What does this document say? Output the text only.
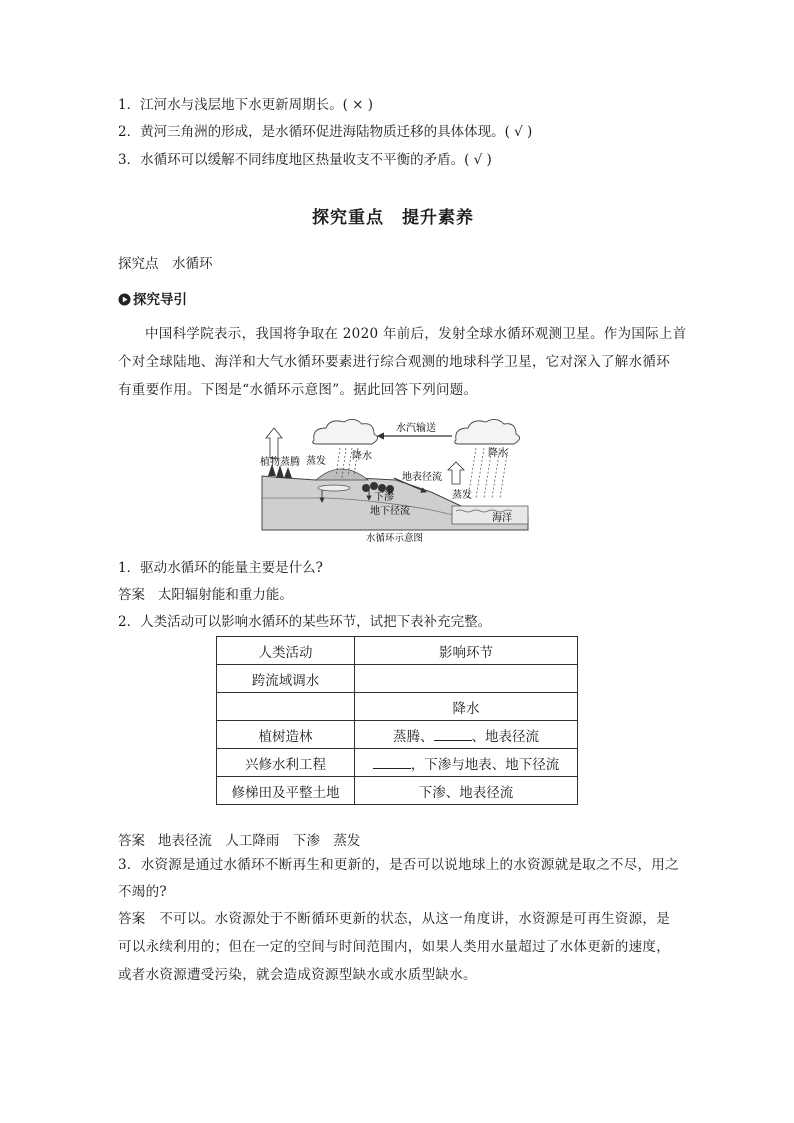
1．江河水与浅层地下水更新周期长。( × )
2．黄河三角洲的形成，是水循环促进海陆物质迁移的具体体现。( √ )
3．水循环可以缓解不同纬度地区热量收支不平衡的矛盾。( √ )
探究重点　提升素养
探究点　水循环
探究导引
中国科学院表示，我国将争取在 2020 年前后，发射全球水循环观测卫星。作为国际上首
个对全球陆地、海洋和大气水循环要素进行综合观测的地球科学卫星，它对深入了解水循环
有重要作用。下图是“水循环示意图”。据此回答下列问题。
水汽输送
植物蒸腾 蒸发	降水
地表径流
下渗
地下径流
降水
蒸发
海洋
水循环示意图
1．驱动水循环的能量主要是什么?
答案 太阳辐射能和重力能。
2．人类活动可以影响水循环的某些环节，试把下表补充完整。
人类活动	影响环节
跨流域调水	
	降水
植树造林	蒸腾、 、地表径流
兴修水利工程	，下渗与地表、地下径流
修梯田及平整土地	下渗、地表径流
答案 地表径流　人工降雨　下渗　蒸发
3．水资源是通过水循环不断再生和更新的，是否可以说地球上的水资源就是取之不尽，用之
不竭的?
答案 不可以。水资源处于不断循环更新的状态，从这一角度讲，水资源是可再生资源，是
可以永续利用的；但在一定的空间与时间范围内，如果人类用水量超过了水体更新的速度，
或者水资源遭受污染，就会造成资源型缺水或水质型缺水。
